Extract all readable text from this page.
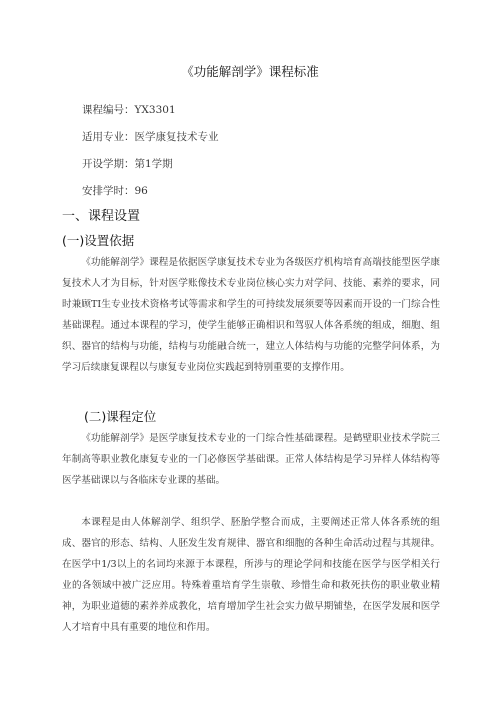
《功能解剖学》课程标准
课程编号：YX3301
适用专业：医学康复技术专业
开设学期：第1学期
安排学时：96
一、课程设置
(一)设置依据

《功能解剖学》课程是依据医学康复技术专业为各级医疗机构培育高端技能型医学康复技术人才为目标，针对医学账像技术专业岗位核心实力对学问、技能、素养的要求，同时兼顾TI生专业技术资格考试等需求和学生的可持续发展须要等因素而开设的一门综合性基础课程。通过本课程的学习，使学生能够正确相识和驾驭人体各系统的组成，细胞、组织、器官的结构与功能，结构与功能融合统一，建立人体结构与功能的完整学问体系，为学习后续康复课程以与康复专业岗位实践起到特别重要的支撑作用。

(二)课程定位

《功能解剖学》是医学康复技术专业的一门综合性基础课程。是鹤壁职业技术学院三年制高等职业教化康复专业的一门必修医学基础课。正常人体结构是学习异样人体结构等医学基础课以与各临床专业课的基础。

本课程是由人体解剖学、组织学、胚胎学整合而成，主要阐述正常人体各系统的组成、器官的形态、结构、人胚发生发育规律、器官和细胞的各种生命活动过程与其规律。在医学中1/3以上的名词均来源于本课程，所涉与的理论学问和技能在医学与医学相关行业的各领域中被广泛应用。特殊着重培育学生崇敬、珍惜生命和救死扶伤的职业敬业精神，为职业道德的素养养成教化，培育增加学生社会实力做早期铺垫，在医学发展和医学人才培育中具有重要的地位和作用。
